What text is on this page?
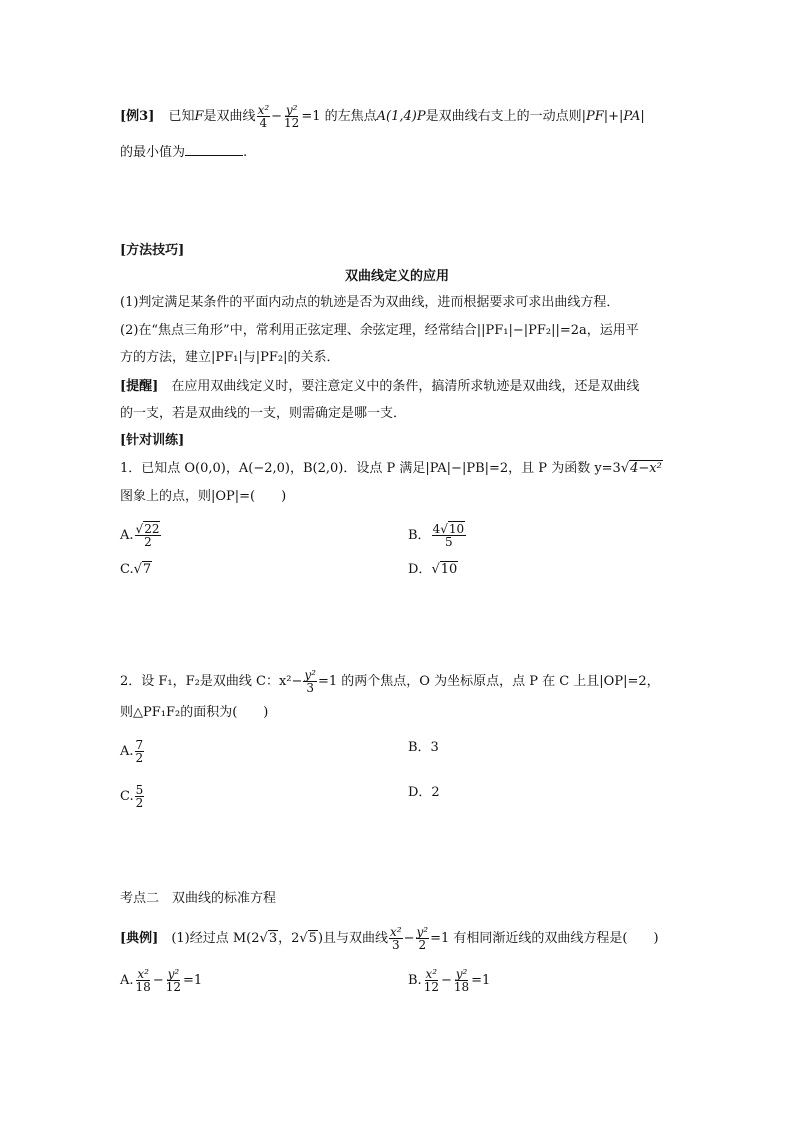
[例3] 已知F是双曲线 $\frac{\text{x²}}{4} - \frac{\text{y²}}{12} =1$ 的左焦点A(1,4)P是双曲线右支上的一动点则|PF|+|PA|
的最小值为	.
[方法技巧]
双曲线定义的应用
(1)判定满足某条件的平面内动点的轨迹是否为双曲线，进而根据要求可求出曲线方程．
(2)在“焦点三角形”中，常利用正弦定理、余弦定理，经常结合||PF₁|−|PF₂||=2a，运用平
方的方法，建立|PF₁|与|PF₂|的关系．
[提醒]　在应用双曲线定义时，要注意定义中的条件，搞清所求轨迹是双曲线，还是双曲线
的一支，若是双曲线的一支，则需确定是哪一支．
[针对训练]
1．已知点 O(0,0)，A(−2,0)，B(2,0)．设点 P 满足|PA|−|PB|=2，且 P 为函数 y=3√4−x²
图象上的点，则|OP|=(　　)
A. $\frac{√22}{2}$	B． $\frac{4√10}{5}$
C.√7	D．√10
2．设 F₁，F₂是双曲线 C：$x^2- \frac{\text{y²}}{3} =1$ 的两个焦点，O 为坐标原点，点 P 在 C 上且|OP|=2，
则△PF₁F₂的面积为(　　)
A. $\frac{7}{2}$	B．3
C. $\frac{5}{2}$	D．2
考点二　双曲线的标准方程
[典例]　(1)经过点 M(2√3，2√5)且与双曲线 $\frac{\text{x²}}{3} - \frac{\text{y²}}{2} =1$ 有相同渐近线的双曲线方程是(　　)
A. $\frac{\text{x²}}{18} - \frac{\text{y²}}{12} =1$	B. $\frac{\text{x²}}{12} - \frac{\text{y²}}{18} =1$
